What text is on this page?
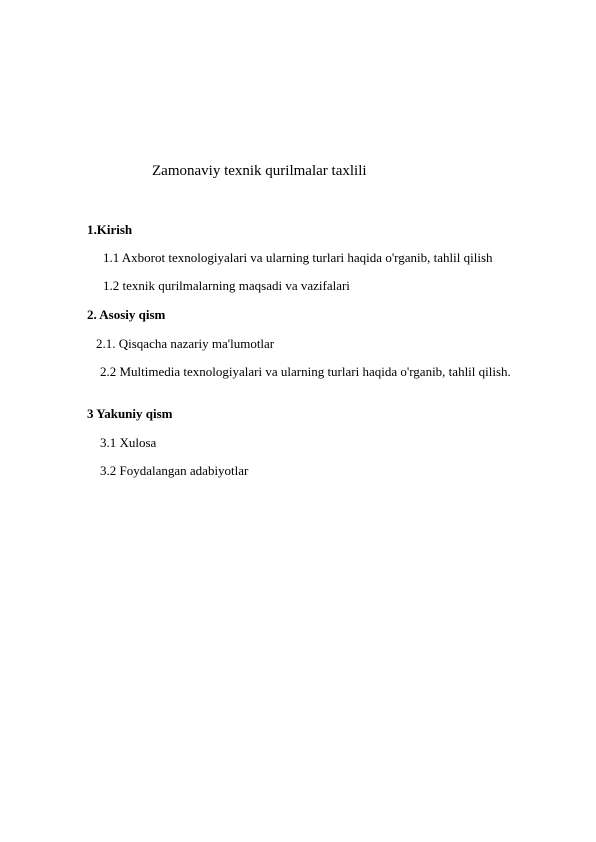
Zamonaviy texnik qurilmalar taxlili
1.Kirish
1.1 Axborot texnologiyalari va ularning turlari haqida o'rganib, tahlil qilish
1.2 texnik qurilmalarning maqsadi va vazifalari
2. Asosiy qism
2.1. Qisqacha nazariy ma'lumotlar
2.2 Multimedia texnologiyalari va ularning turlari haqida o'rganib, tahlil qilish.
3 Yakuniy qism
3.1 Xulosa
3.2 Foydalangan adabiyotlar
